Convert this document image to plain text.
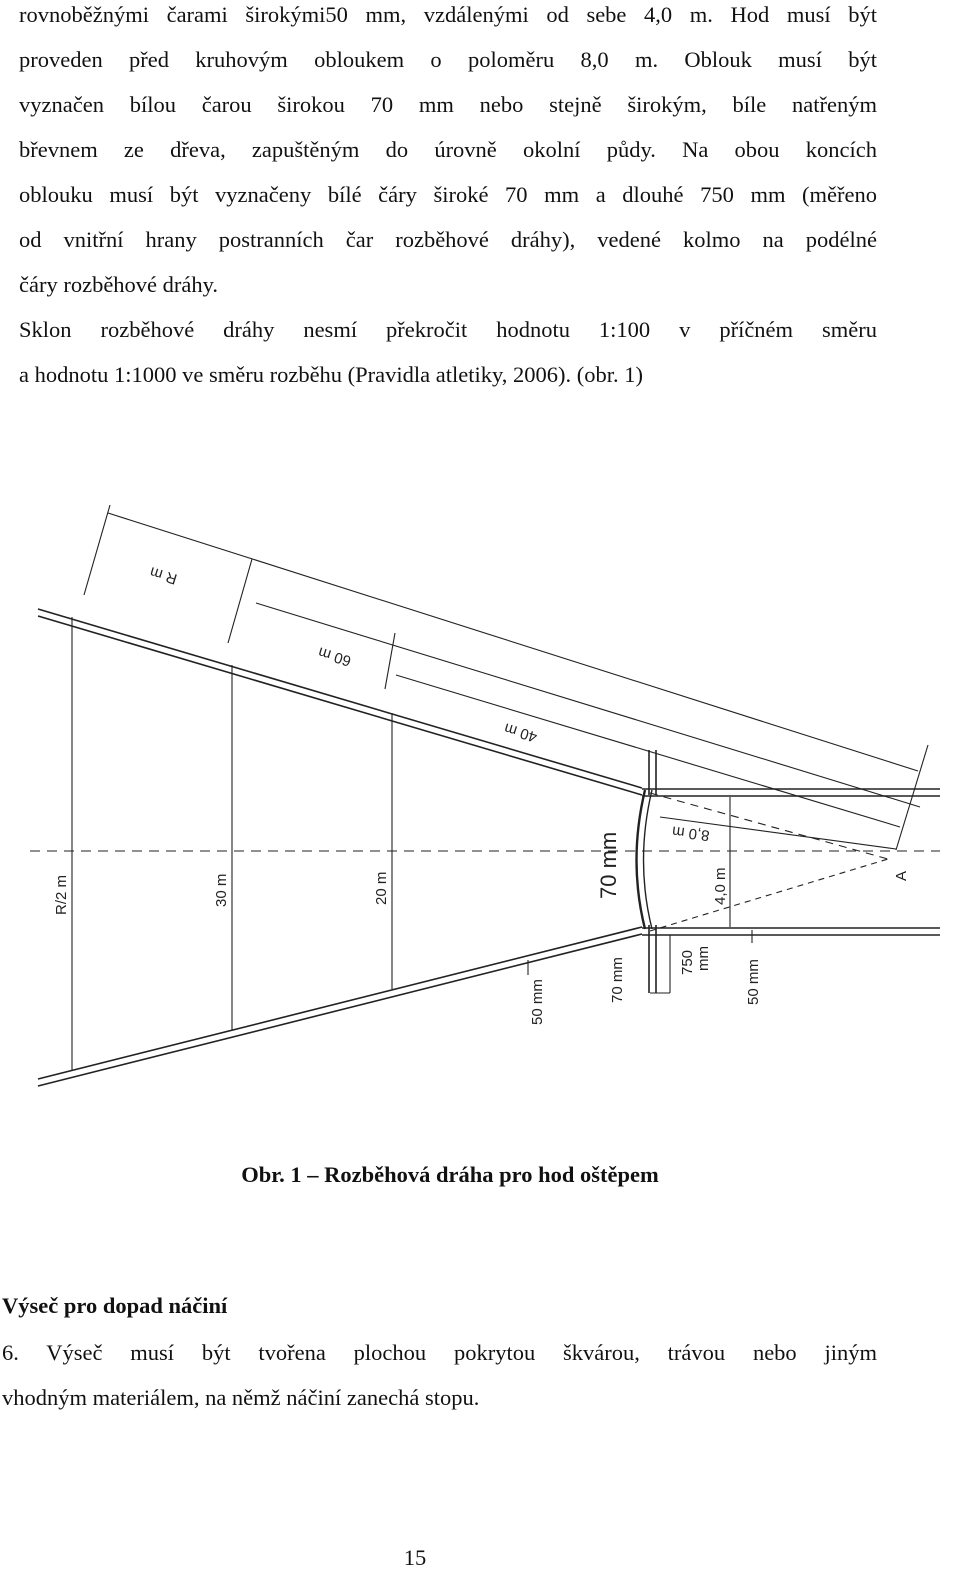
rovnoběžnými čarami širokými50 mm, vzdálenými od sebe 4,0 m. Hod musí být
proveden před kruhovým obloukem o poloměru 8,0 m. Oblouk musí být
vyznačen bílou čarou širokou 70 mm nebo stejně širokým, bíle natřeným
břevnem ze dřeva, zapuštěným do úrovně okolní půdy. Na obou koncích
oblouku musí být vyznačeny bílé čáry široké 70 mm a dlouhé 750 mm (měřeno
od vnitřní hrany postranních čar rozběhové dráhy), vedené kolmo na podélné
čáry rozběhové dráhy.
Sklon rozběhové dráhy nesmí překročit hodnotu 1:100 v příčném směru
a hodnotu 1:1000 ve směru rozběhu (Pravidla atletiky, 2006). (obr. 1)
R m
60 m
40 m
8,0 m
70 mm	4,0 m	A
R/2 m	30 m	20 m
50 mm	70 mm	750 mm
50 mm
Obr. 1 – Rozběhová dráha pro hod oštěpem
Výseč pro dopad náčiní
6. Výseč musí být tvořena plochou pokrytou škvárou, trávou nebo jiným
vhodným materiálem, na němž náčiní zanechá stopu.
15
